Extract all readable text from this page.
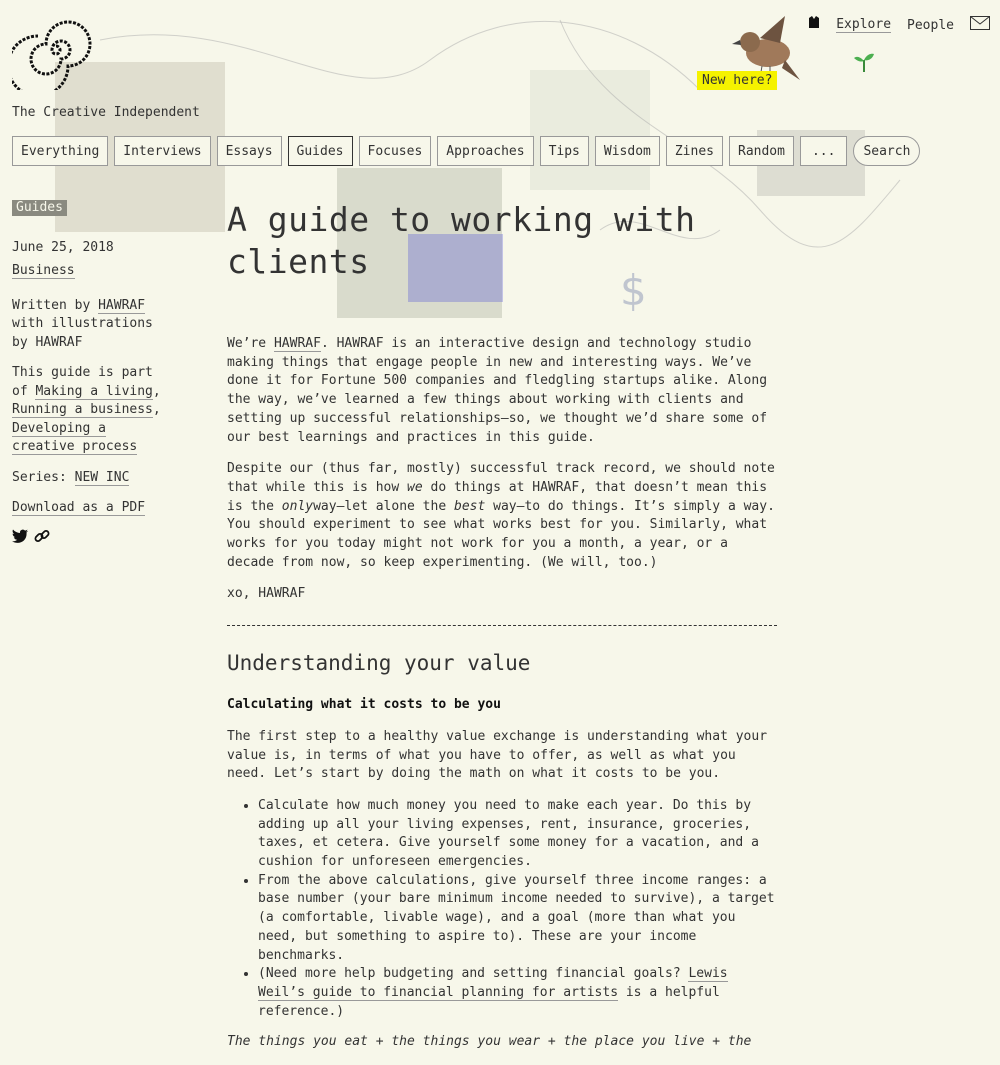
$
The Creative Independent
New here?
Explore People
Everything	Interviews	Essays	Guides	Focuses	Approaches	Tips	Wisdom	Zines	Random	...	Search
Guides

June 25, 2018

Business

Written by HAWRAF with illustrations by HAWRAF

This guide is part of Making a living, Running a business, Developing a creative process

Series: NEW INC

Download as a PDF

A guide to working with clients

We’re HAWRAF. HAWRAF is an interactive design and technology studio making things that engage people in new and interesting ways. We’ve done it for Fortune 500 companies and fledgling startups alike. Along the way, we’ve learned a few things about working with clients and setting up successful relationships—so, we thought we’d share some of our best learnings and practices in this guide.

Despite our (thus far, mostly) successful track record, we should note that while this is how we do things at HAWRAF, that doesn’t mean this is the onlyway—let alone the best way—to do things. It’s simply a way. You should experiment to see what works best for you. Similarly, what works for you today might not work for you a month, a year, or a decade from now, so keep experimenting. (We will, too.)

xo, HAWRAF

Understanding your value
Calculating what it costs to be you

The first step to a healthy value exchange is understanding what your value is, in terms of what you have to offer, as well as what you need. Let’s start by doing the math on what it costs to be you.

• Calculate how much money you need to make each year. Do this by adding up all your living expenses, rent, insurance, groceries, taxes, et cetera. Give yourself some money for a vacation, and a cushion for unforeseen emergencies.
• From the above calculations, give yourself three income ranges: a base number (your bare minimum income needed to survive), a target (a comfortable, livable wage), and a goal (more than what you need, but something to aspire to). These are your income benchmarks.
• (Need more help budgeting and setting financial goals? Lewis Weil’s guide to financial planning for artists is a helpful reference.)

The things you eat + the things you wear + the place you live + the
